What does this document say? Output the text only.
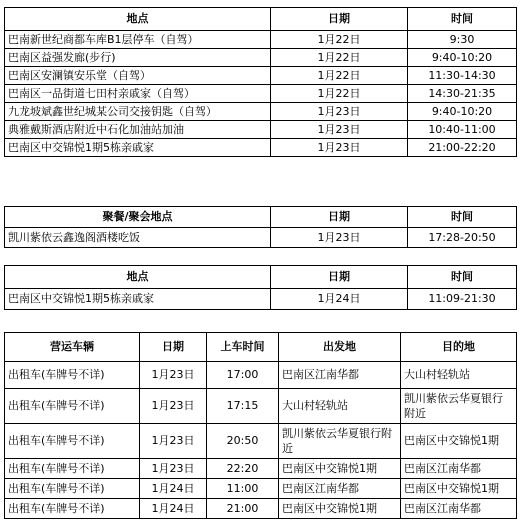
地点	日期	时间
巴南新世纪商都车库B1层停车（自驾）	1月22日	9:30
巴南区益强发廊(步行)	1月22日	9:40-10:20
巴南区安澜镇安乐堂（自驾）	1月22日	11:30-14:30
巴南区一品街道七田村亲戚家（自驾）	1月22日	14:30-21:35
九龙坡斌鑫世纪城某公司交接钥匙（自驾）	1月23日	9:40-10:20
典雅戴斯酒店附近中石化加油站加油	1月23日	10:40-11:00
巴南区中交锦悦1期5栋亲戚家	1月23日	21:00-22:20
聚餐/聚会地点	日期	时间
凯川紫依云鑫逸阁酒楼吃饭	1月23日	17:28-20:50
地点	日期	时间
巴南区中交锦悦1期5栋亲戚家	1月24日	11:09-21:30
营运车辆	日期	上车时间	出发地	目的地
出租车(车牌号不详)	1月23日	17:00	巴南区江南华都	大山村轻轨站
出租车(车牌号不详)	1月23日	17:15	大山村轻轨站	凯川紫依云华夏银行附近
出租车(车牌号不详)	1月23日	20:50	凯川紫依云华夏银行附近	巴南区中交锦悦1期
出租车(车牌号不详)	1月23日	22:20	巴南区中交锦悦1期	巴南区江南华都
出租车(车牌号不详)	1月24日	11:00	巴南区江南华都	巴南区中交锦悦1期
出租车(车牌号不详)	1月24日	21:00	巴南区中交锦悦1期	巴南区江南华都
